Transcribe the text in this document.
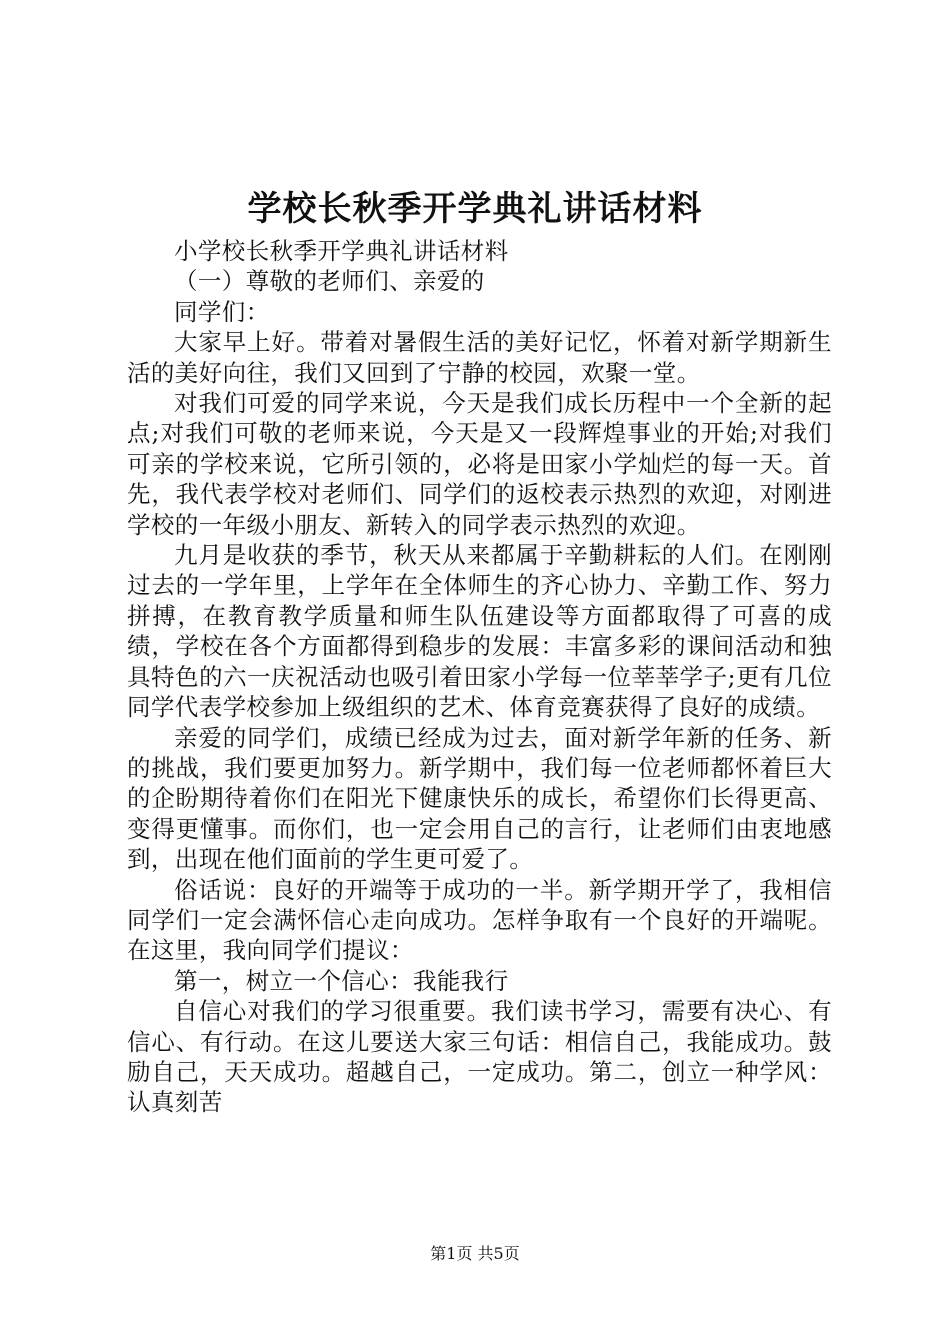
学校长秋季开学典礼讲话材料

小学校长秋季开学典礼讲话材料

（一）尊敬的老师们、亲爱的

同学们：

大家早上好。带着对暑假生活的美好记忆，怀着对新学期新生活的美好向往，我们又回到了宁静的校园，欢聚一堂。

对我们可爱的同学来说，今天是我们成长历程中一个全新的起点;对我们可敬的老师来说，今天是又一段辉煌事业的开始;对我们可亲的学校来说，它所引领的，必将是田家小学灿烂的每一天。首先，我代表学校对老师们、同学们的返校表示热烈的欢迎，对刚进学校的一年级小朋友、新转入的同学表示热烈的欢迎。

九月是收获的季节，秋天从来都属于辛勤耕耘的人们。在刚刚过去的一学年里，上学年在全体师生的齐心协力、辛勤工作、努力拼搏，在教育教学质量和师生队伍建设等方面都取得了可喜的成绩，学校在各个方面都得到稳步的发展：丰富多彩的课间活动和独具特色的六一庆祝活动也吸引着田家小学每一位莘莘学子;更有几位同学代表学校参加上级组织的艺术、体育竞赛获得了良好的成绩。

亲爱的同学们，成绩已经成为过去，面对新学年新的任务、新的挑战，我们要更加努力。新学期中，我们每一位老师都怀着巨大的企盼期待着你们在阳光下健康快乐的成长，希望你们长得更高、变得更懂事。而你们，也一定会用自己的言行，让老师们由衷地感到，出现在他们面前的学生更可爱了。

俗话说：良好的开端等于成功的一半。新学期开学了，我相信同学们一定会满怀信心走向成功。怎样争取有一个良好的开端呢。在这里，我向同学们提议：

第一，树立一个信心：我能我行

自信心对我们的学习很重要。我们读书学习，需要有决心、有信心、有行动。在这儿要送大家三句话：相信自己，我能成功。鼓励自己，天天成功。超越自己，一定成功。第二，创立一种学风：认真刻苦

第1页 共5页
